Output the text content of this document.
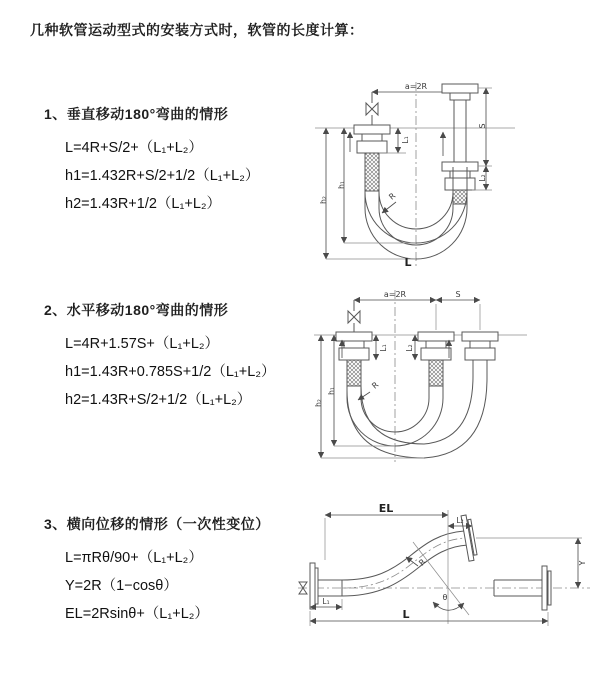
几种软管运动型式的安装方式时，软管的长度计算：
1、垂直移动180°弯曲的情形
L=4R+S/2+（L₁+L₂）
h1=1.432R+S/2+1/2（L₁+L₂）
h2=1.43R+1/2（L₁+L₂）
2、水平移动180°弯曲的情形
L=4R+1.57S+（L₁+L₂）
h1=1.43R+0.785S+1/2（L₁+L₂）
h2=1.43R+S/2+1/2（L₁+L₂）
3、横向位移的情形（一次性变位）
L=πRθ/90+（L₁+L₂）
Y=2R（1−cosθ）
EL=2Rsinθ+（L₁+L₂）
a=2R
h₁
h₂
L₁
S
L₂
R
L
a=2R	S
h₁
h₂
L₁ L₂
R
θ
EL
L₂
Y
L
L₁
R
